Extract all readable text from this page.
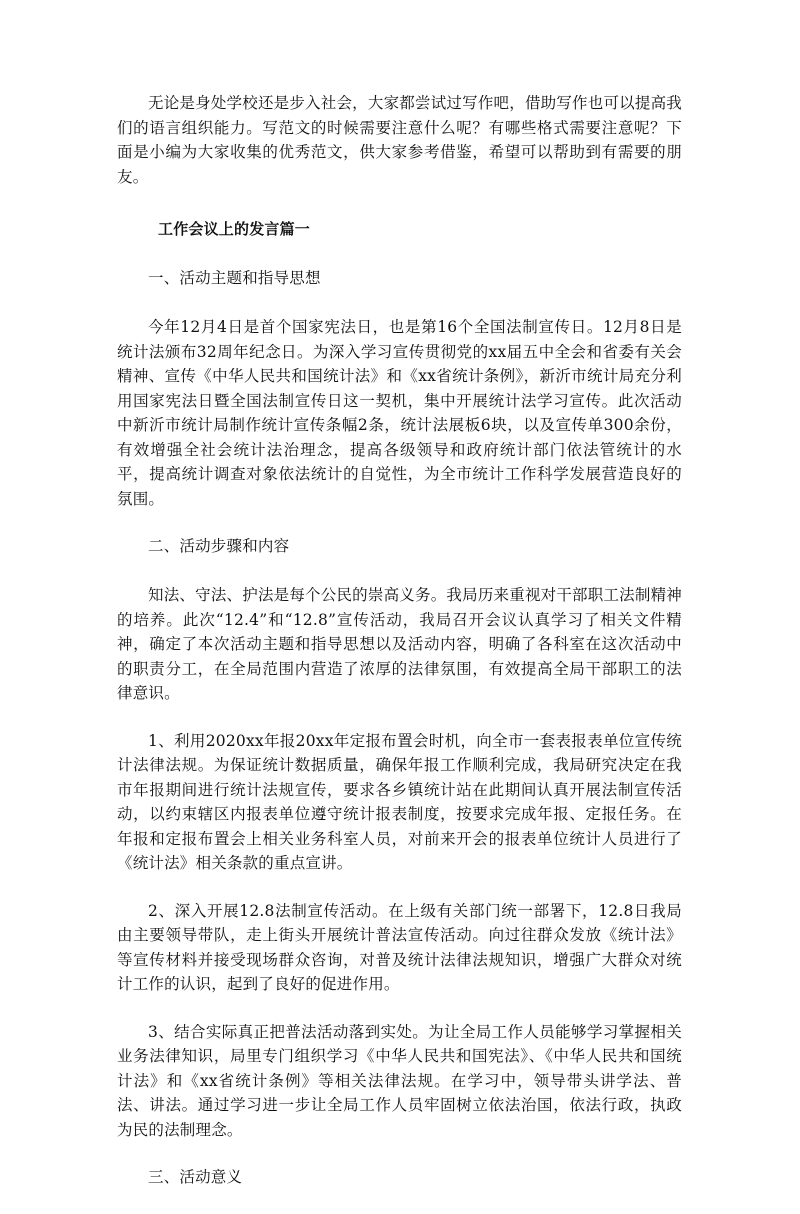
无论是身处学校还是步入社会，大家都尝试过写作吧，借助写作也可以提高我们的语言组织能力。写范文的时候需要注意什么呢？有哪些格式需要注意呢？下面是小编为大家收集的优秀范文，供大家参考借鉴，希望可以帮助到有需要的朋友。

工作会议上的发言篇一
一、活动主题和指导思想

今年12月4日是首个国家宪法日，也是第16个全国法制宣传日。12月8日是统计法颁布32周年纪念日。为深入学习宣传贯彻党的xx届五中全会和省委有关会精神、宣传《中华人民共和国统计法》和《xx省统计条例》，新沂市统计局充分利用国家宪法日暨全国法制宣传日这一契机，集中开展统计法学习宣传。此次活动中新沂市统计局制作统计宣传条幅2条，统计法展板6块，以及宣传单300余份，有效增强全社会统计法治理念，提高各级领导和政府统计部门依法管统计的水平，提高统计调查对象依法统计的自觉性，为全市统计工作科学发展营造良好的氛围。

二、活动步骤和内容

知法、守法、护法是每个公民的崇高义务。我局历来重视对干部职工法制精神的培养。此次“12.4”和“12.8”宣传活动，我局召开会议认真学习了相关文件精神，确定了本次活动主题和指导思想以及活动内容，明确了各科室在这次活动中的职责分工，在全局范围内营造了浓厚的法律氛围，有效提高全局干部职工的法律意识。

1、利用2020xx年报20xx年定报布置会时机，向全市一套表报表单位宣传统计法律法规。为保证统计数据质量，确保年报工作顺利完成，我局研究决定在我市年报期间进行统计法规宣传，要求各乡镇统计站在此期间认真开展法制宣传活动，以约束辖区内报表单位遵守统计报表制度，按要求完成年报、定报任务。在年报和定报布置会上相关业务科室人员，对前来开会的报表单位统计人员进行了《统计法》相关条款的重点宣讲。

2、深入开展12.8法制宣传活动。在上级有关部门统一部署下，12.8日我局由主要领导带队，走上街头开展统计普法宣传活动。向过往群众发放《统计法》等宣传材料并接受现场群众咨询，对普及统计法律法规知识，增强广大群众对统计工作的认识，起到了良好的促进作用。

3、结合实际真正把普法活动落到实处。为让全局工作人员能够学习掌握相关业务法律知识，局里专门组织学习《中华人民共和国宪法》、《中华人民共和国统计法》和《xx省统计条例》等相关法律法规。在学习中，领导带头讲学法、普法、讲法。通过学习进一步让全局工作人员牢固树立依法治国，依法行政，执政为民的法制理念。

三、活动意义
